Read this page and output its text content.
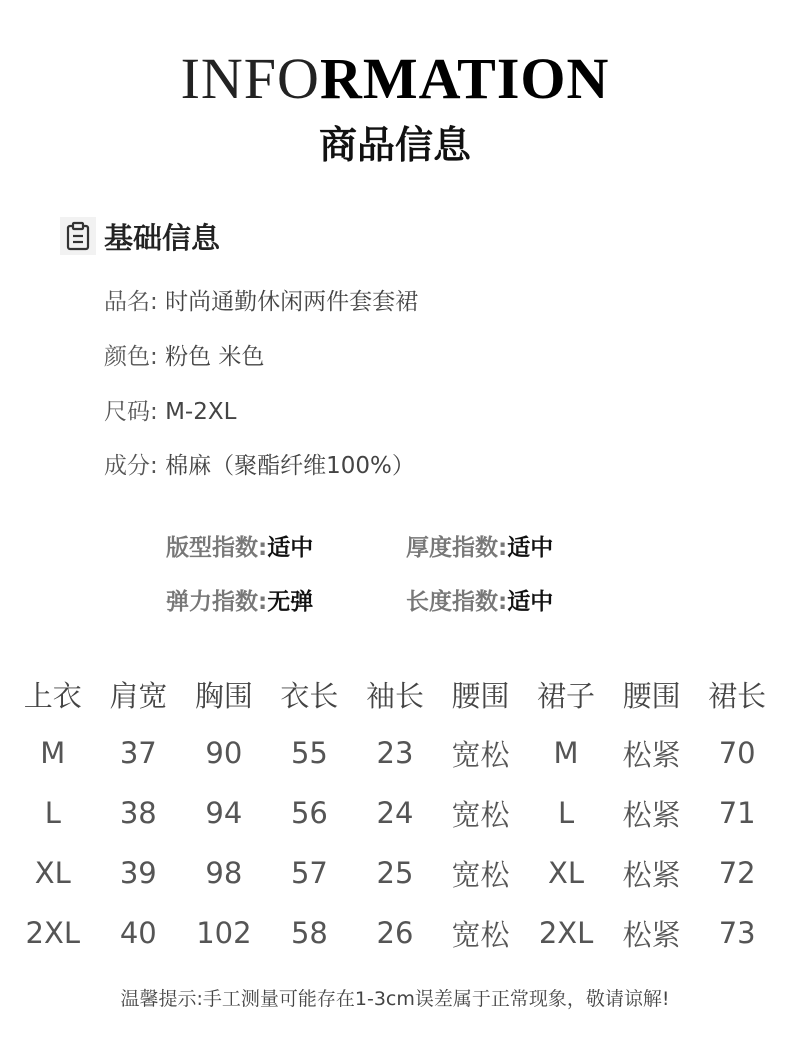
INFORMATION
商品信息
基础信息
品名: 时尚通勤休闲两件套套裙
颜色: 粉色 米色
尺码: M-2XL
成分: 棉麻（聚酯纤维100%）
版型指数:适中	厚度指数:适中
弹力指数:无弹	长度指数:适中
上衣	肩宽	胸围	衣长	袖长	腰围	裙子	腰围	裙长
M	37	90	55	23	宽松	M	松紧	70
L	38	94	56	24	宽松	L	松紧	71
XL	39	98	57	25	宽松	XL	松紧	72
2XL	40	102	58	26	宽松	2XL	松紧	73
温馨提示:手工测量可能存在1-3cm误差属于正常现象，敬请谅解!
